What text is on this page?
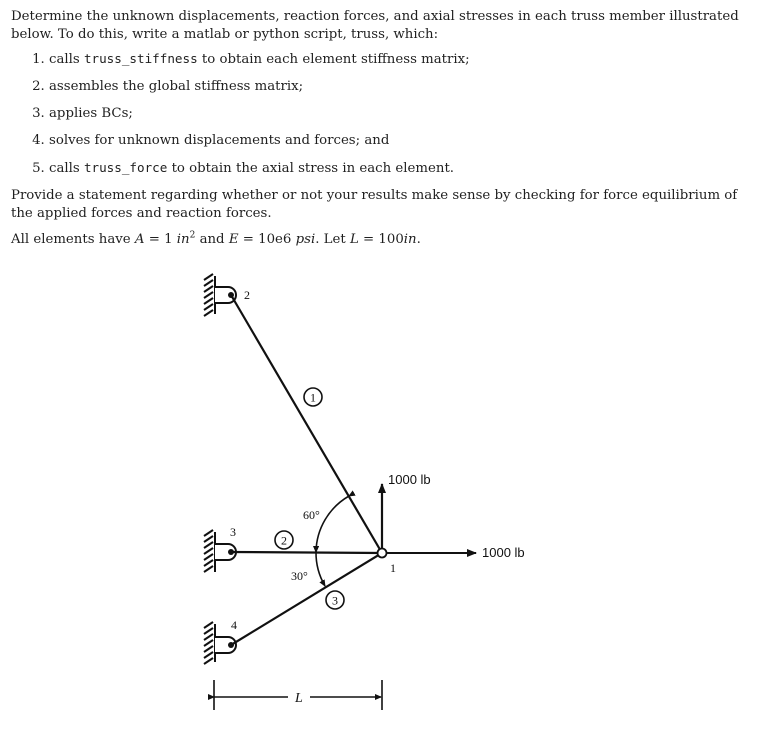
Determine the unknown displacements, reaction forces, and axial stresses in each truss member illustrated below. To do this, write a matlab or python script, truss, which:

1. calls truss_stiffness to obtain each element stiffness matrix;
2. assembles the global stiffness matrix;
3. applies BCs;
4. solves for unknown displacements and forces; and
5. calls truss_force to obtain the axial stress in each element.

Provide a statement regarding whether or not your results make sense by checking for force equilibrium of the applied forces and reaction forces.

All elements have A = 1 $in^2$ and E = 10e6 psi. Let L = 100in.

1
2
3
2
3
4
1
60°
30°
1000 lb
1000 lb
L
